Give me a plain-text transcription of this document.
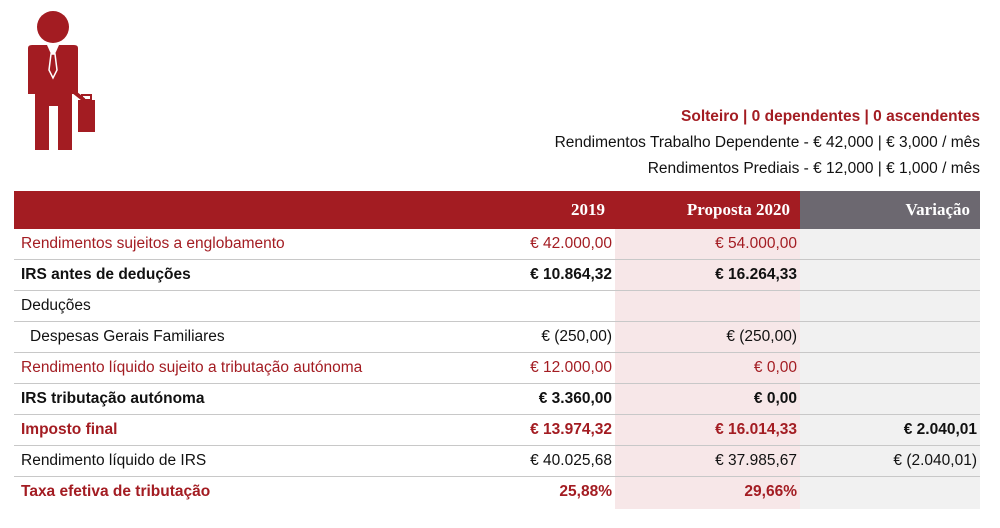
Solteiro | 0 dependentes | 0 ascendentes
Rendimentos Trabalho Dependente - € 42,000 | € 3,000 / mês
Rendimentos Prediais - € 12,000 | € 1,000 / mês
	2019	Proposta 2020	Variação
Rendimentos sujeitos a englobamento	€ 42.000,00	€ 54.000,00	
IRS antes de deduções	€ 10.864,32	€ 16.264,33	
Deduções			
Despesas Gerais Familiares	€ (250,00)	€ (250,00)	
Rendimento líquido sujeito a tributação autónoma	€ 12.000,00	€ 0,00	
IRS tributação autónoma	€ 3.360,00	€ 0,00	
Imposto final	€ 13.974,32	€ 16.014,33	€ 2.040,01
Rendimento líquido de IRS	€ 40.025,68	€ 37.985,67	€ (2.040,01)
Taxa efetiva de tributação	25,88%	29,66%	
